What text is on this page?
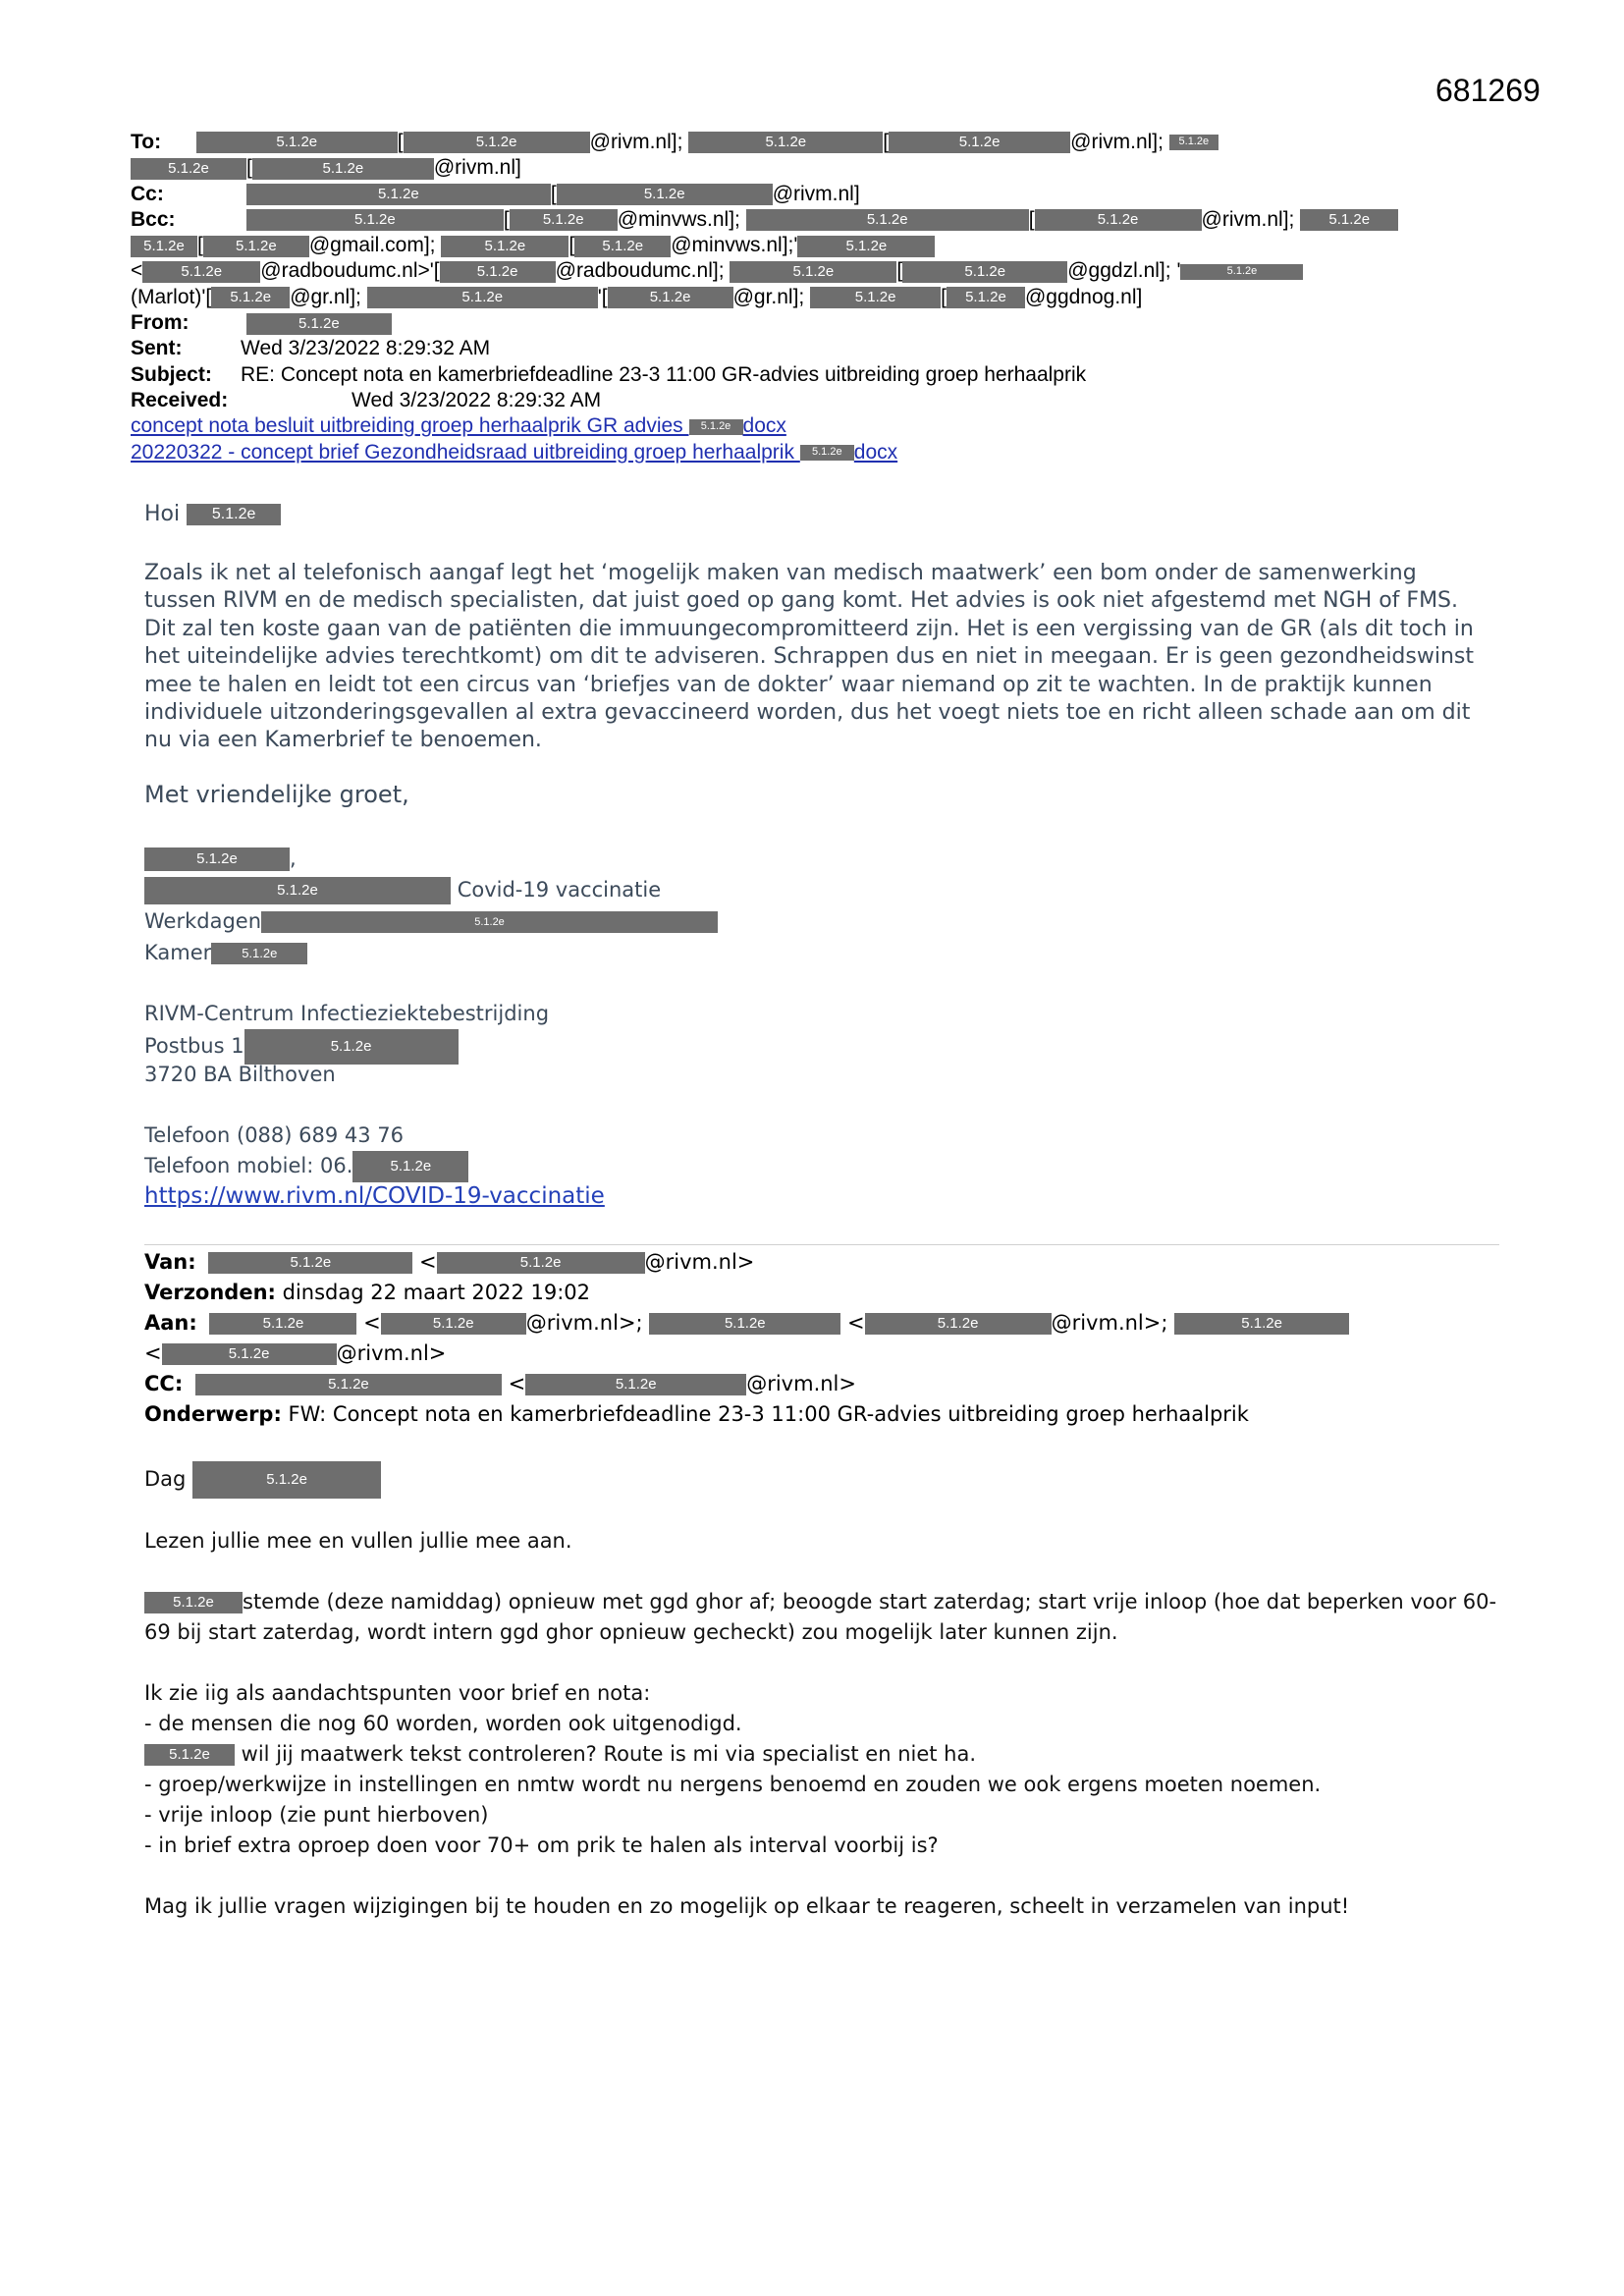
681269
To:	5.1.2e	[	5.1.2e	@rivm.nl];	5.1.2e	[	5.1.2e	@rivm.nl]; 5.1.2e
5.1.2e [	5.1.2e	@rivm.nl]
Cc:	5.1.2e	[	5.1.2e	@rivm.nl]
Bcc:	5.1.2e	[ 5.1.2e @minvws.nl];	5.1.2e	[	5.1.2e	@rivm.nl]; 5.1.2e
5.1.2e [ 5.1.2e @gmail.com];	5.1.2e [ 5.1.2e @minvws.nl];'	5.1.2e
<	5.1.2e @radboudumc.nl>'[	5.1.2e @radboudumc.nl];	5.1.2e	[	5.1.2e	@ggdzl.nl]; '	5.1.2e
(Marlot)'[ 5.1.2e @gr.nl];	5.1.2e	'[	5.1.2e @gr.nl];	5.1.2e [ 5.1.2e @ggdnog.nl]
From:	5.1.2e
Sent:	Wed 3/23/2022 8:29:32 AM
Subject: RE: Concept nota en kamerbriefdeadline 23-3 11:00 GR-advies uitbreiding groep herhaalprik
Received:	Wed 3/23/2022 8:29:32 AM
concept nota besluit uitbreiding groep herhaalprik GR advies 5.1.2e docx
20220322 - concept brief Gezondheidsraad uitbreiding groep herhaalprik 5.1.2e docx
Hoi 5.1.2e

Zoals ik net al telefonisch aangaf legt het ‘mogelijk maken van medisch maatwerk’ een bom onder de samenwerking tussen RIVM en de medisch specialisten, dat juist goed op gang komt. Het advies is ook niet afgestemd met NGH of FMS. Dit zal ten koste gaan van de patiënten die immuungecompromitteerd zijn. Het is een vergissing van de GR (als dit toch in het uiteindelijke advies terechtkomt) om dit te adviseren. Schrappen dus en niet in meegaan. Er is geen gezondheidswinst mee te halen en leidt tot een circus van ‘briefjes van de dokter’ waar niemand op zit te wachten. In de praktijk kunnen individuele uitzonderingsgevallen al extra gevaccineerd worden, dus het voegt niets toe en richt alleen schade aan om dit nu via een Kamerbrief te benoemen.

Met vriendelijke groet,
5.1.2e	,
5.1.2e	Covid-19 vaccinatie
Werkdagen	5.1.2e
Kamer 5.1.2e
RIVM-Centrum Infectieziektebestrijding
Postbus 1	5.1.2e
3720 BA Bilthoven
Telefoon (088) 689 43 76
Telefoon mobiel: 06.	5.1.2e
https://www.rivm.nl/COVID-19-vaccinatie
Van:	5.1.2e	<	5.1.2e	@rivm.nl>
Verzonden: dinsdag 22 maart 2022 19:02
Aan:	5.1.2e	<	5.1.2e	@rivm.nl>;	5.1.2e	<	5.1.2e	@rivm.nl>;	5.1.2e
<	5.1.2e	@rivm.nl>
CC:	5.1.2e	<	5.1.2e	@rivm.nl>
Onderwerp: FW: Concept nota en kamerbriefdeadline 23-3 11:00 GR-advies uitbreiding groep herhaalprik
Dag	5.1.2e

Lezen jullie mee en vullen jullie mee aan.

5.1.2e stemde (deze namiddag) opnieuw met ggd ghor af; beoogde start zaterdag; start vrije inloop (hoe dat beperken voor 60-69 bij start zaterdag, wordt intern ggd ghor opnieuw gecheckt) zou mogelijk later kunnen zijn.

Ik zie iig als aandachtspunten voor brief en nota:

- de mensen die nog 60 worden, worden ook uitgenodigd.

5.1.2e wil jij maatwerk tekst controleren? Route is mi via specialist en niet ha.

- groep/werkwijze in instellingen en nmtw wordt nu nergens benoemd en zouden we ook ergens moeten noemen.

- vrije inloop (zie punt hierboven)

- in brief extra oproep doen voor 70+ om prik te halen als interval voorbij is?

Mag ik jullie vragen wijzigingen bij te houden en zo mogelijk op elkaar te reageren, scheelt in verzamelen van input!
